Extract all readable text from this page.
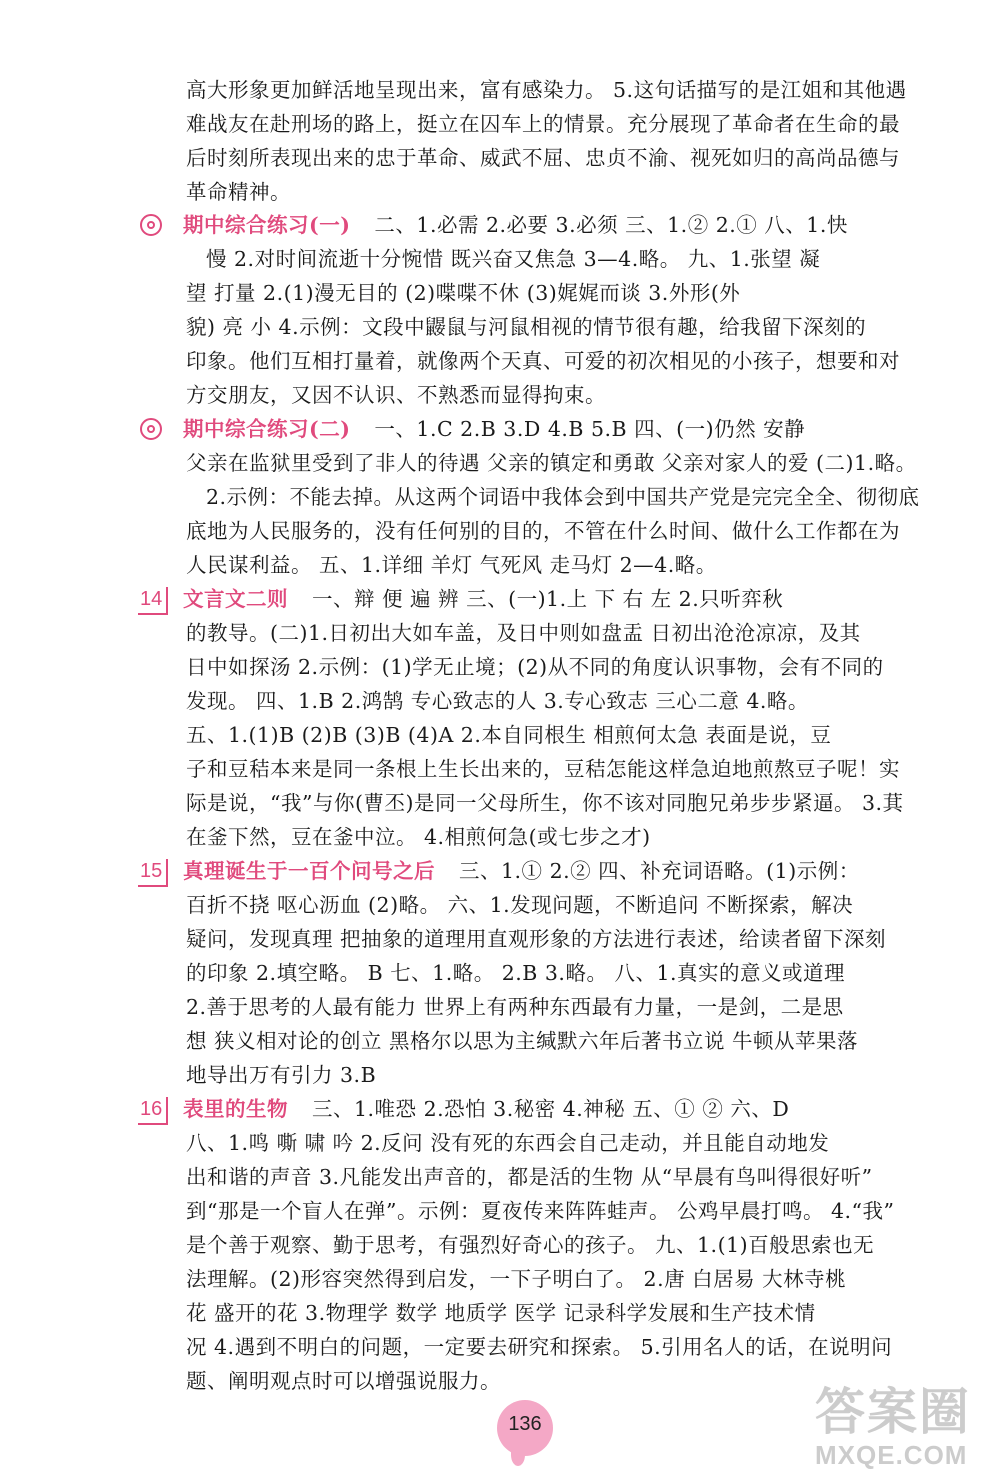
高大形象更加鲜活地呈现出来，富有感染力。 5.这句话描写的是江姐和其他遇
难战友在赴刑场的路上，挺立在囚车上的情景。充分展现了革命者在生命的最
后时刻所表现出来的忠于革命、威武不屈、忠贞不渝、视死如归的高尚品德与
革命精神。
慢 2.对时间流逝十分惋惜 既兴奋又焦急 3—4.略。 九、1.张望 凝
望 打量 2.(1)漫无目的 (2)喋喋不休 (3)娓娓而谈 3.外形(外
貌) 亮 小 4.示例：文段中鼹鼠与河鼠相视的情节很有趣，给我留下深刻的
印象。他们互相打量着，就像两个天真、可爱的初次相见的小孩子，想要和对
方交朋友，又因不认识、不熟悉而显得拘束。
父亲在监狱里受到了非人的待遇 父亲的镇定和勇敢 父亲对家人的爱 (二)1.略。
2.示例：不能去掉。从这两个词语中我体会到中国共产党是完完全全、彻彻底
底地为人民服务的，没有任何别的目的，不管在什么时间、做什么工作都在为
人民谋利益。 五、1.详细 羊灯 气死风 走马灯 2—4.略。
的教导。(二)1.日初出大如车盖，及日中则如盘盂 日初出沧沧凉凉，及其
日中如探汤 2.示例：(1)学无止境；(2)从不同的角度认识事物，会有不同的
发现。 四、1.B 2.鸿鹄 专心致志的人 3.专心致志 三心二意 4.略。
五、1.(1)B (2)B (3)B (4)A 2.本自同根生 相煎何太急 表面是说，豆
子和豆秸本来是同一条根上生长出来的，豆秸怎能这样急迫地煎熬豆子呢！实
际是说，“我”与你(曹丕)是同一父母所生，你不该对同胞兄弟步步紧逼。 3.萁
在釜下然，豆在釜中泣。 4.相煎何急(或七步之才)
百折不挠 呕心沥血 (2)略。 六、1.发现问题，不断追问 不断探索，解决
疑问，发现真理 把抽象的道理用直观形象的方法进行表述，给读者留下深刻
的印象 2.填空略。 B 七、1.略。 2.B 3.略。 八、1.真实的意义或道理
2.善于思考的人最有能力 世界上有两种东西最有力量，一是剑，二是思
想 狭义相对论的创立 黑格尔以思为主缄默六年后著书立说 牛顿从苹果落
地导出万有引力 3.B
八、1.鸣 嘶 啸 吟 2.反问 没有死的东西会自己走动，并且能自动地发
出和谐的声音 3.凡能发出声音的，都是活的生物 从“早晨有鸟叫得很好听”
到“那是一个盲人在弹”。示例：夏夜传来阵阵蛙声。 公鸡早晨打鸣。 4.“我”
是个善于观察、勤于思考，有强烈好奇心的孩子。 九、1.(1)百般思索也无
法理解。(2)形容突然得到启发，一下子明白了。 2.唐 白居易 大林寺桃
花 盛开的花 3.物理学 数学 地质学 医学 记录科学发展和生产技术情
况 4.遇到不明白的问题，一定要去研究和探索。 5.引用名人的话，在说明问
题、阐明观点时可以增强说服力。
期中综合练习(一) 二、1.必需 2.必要 3.必须 三、1.② 2.① 八、1.快
期中综合练习(二) 一、1.C 2.B 3.D 4.B 5.B 四、(一)仍然 安静
14 文言文二则 一、辩 便 遍 辨 三、(一)1.上 下 右 左 2.只听弈秋
15 真理诞生于一百个问号之后 三、1.① 2.② 四、补充词语略。(1)示例：
16 表里的生物 三、1.唯恐 2.恐怕 3.秘密 4.神秘 五、① ② 六、D
136	答案圈
MXQE.COM
